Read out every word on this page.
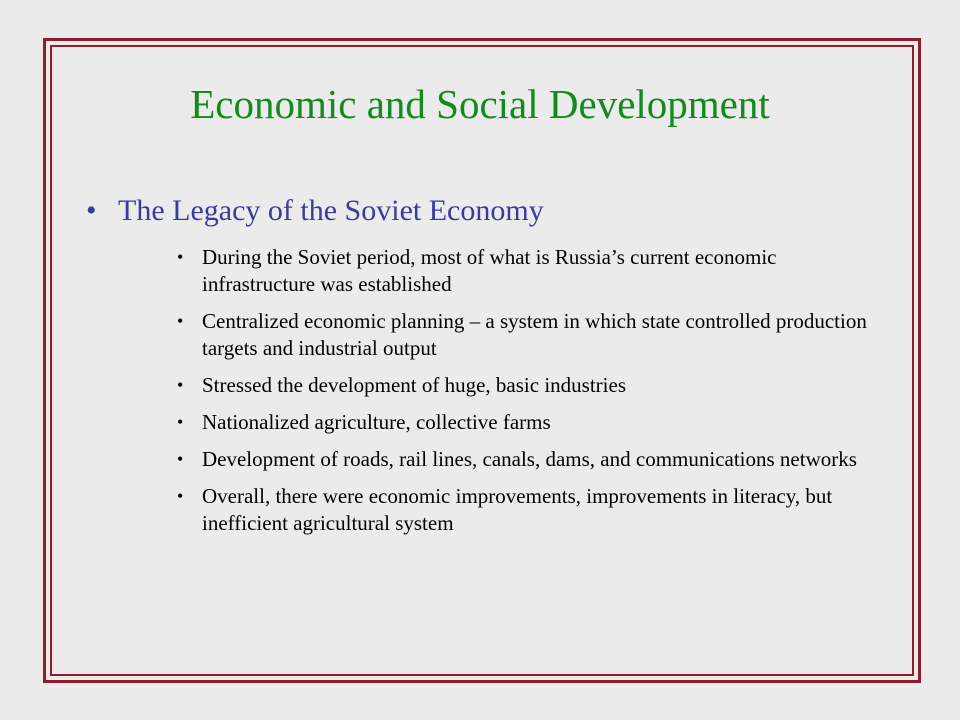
Economic and Social Development
• The Legacy of the Soviet Economy
• During the Soviet period, most of what is Russia’s current economic infrastructure was established
• Centralized economic planning – a system in which state controlled production targets and industrial output
• Stressed the development of huge, basic industries
• Nationalized agriculture, collective farms
• Development of roads, rail lines, canals, dams, and communications networks
• Overall, there were economic improvements, improvements in literacy, but inefficient agricultural system
